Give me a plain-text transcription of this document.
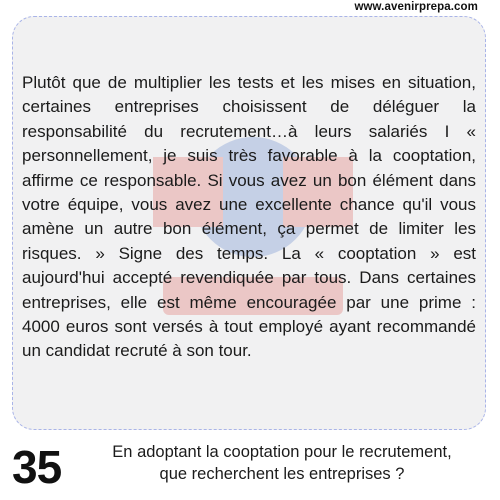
www.avenirprepa.com

Plutôt que de multiplier les tests et les mises en situation, certaines entreprises choisissent de déléguer la responsabilité du recrutement…à leurs salariés I « personnellement, je suis très favorable à la cooptation, affirme ce responsable. Si vous avez un bon élément dans votre équipe, vous avez une excellente chance qu'il vous amène un autre bon élément, ça permet de limiter les risques. » Signe des temps. La « cooptation » est aujourd'hui accepté revendiquée par tous. Dans certaines entreprises, elle est même encouragée par une prime : 4000 euros sont versés à tout employé ayant recommandé un candidat recruté à son tour.

35	En adoptant la cooptation pour le recrutement,
que recherchent les entreprises ?
